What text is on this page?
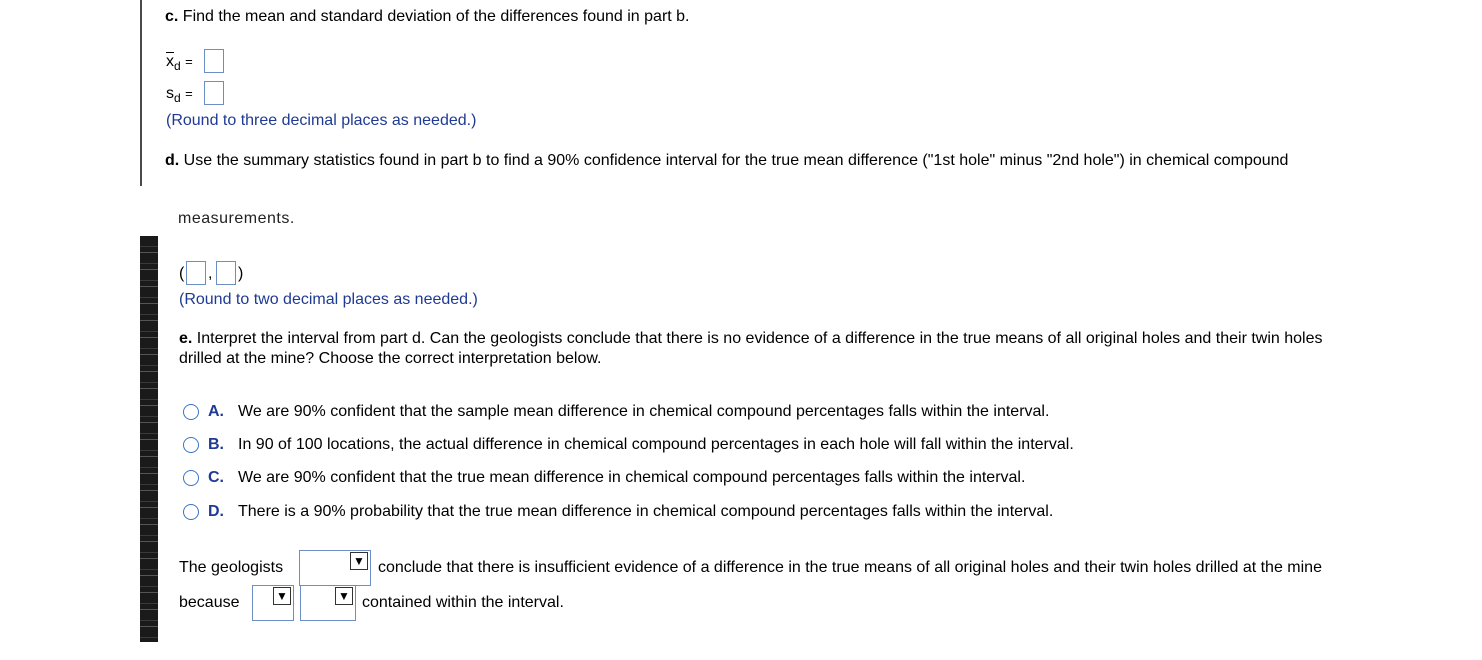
c. Find the mean and standard deviation of the differences found in part b.
$\overline{x}_d$ =
$s_d$ =
(Round to three decimal places as needed.)
d. Use the summary statistics found in part b to find a 90% confidence interval for the true mean difference ("1st hole" minus "2nd hole") in chemical compound
measurements.
( , )
(Round to two decimal places as needed.)
e. Interpret the interval from part d. Can the geologists conclude that there is no evidence of a difference in the true means of all original holes and their twin holes
drilled at the mine? Choose the correct interpretation below.
A. We are 90% confident that the sample mean difference in chemical compound percentages falls within the interval.
B. In 90 of 100 locations, the actual difference in chemical compound percentages in each hole will fall within the interval.
C. We are 90% confident that the true mean difference in chemical compound percentages falls within the interval.
D. There is a 90% probability that the true mean difference in chemical compound percentages falls within the interval.
The geologists	▼ conclude that there is insufficient evidence of a difference in the true means of all original holes and their twin holes drilled at the mine
because	▼	▼ contained within the interval.
